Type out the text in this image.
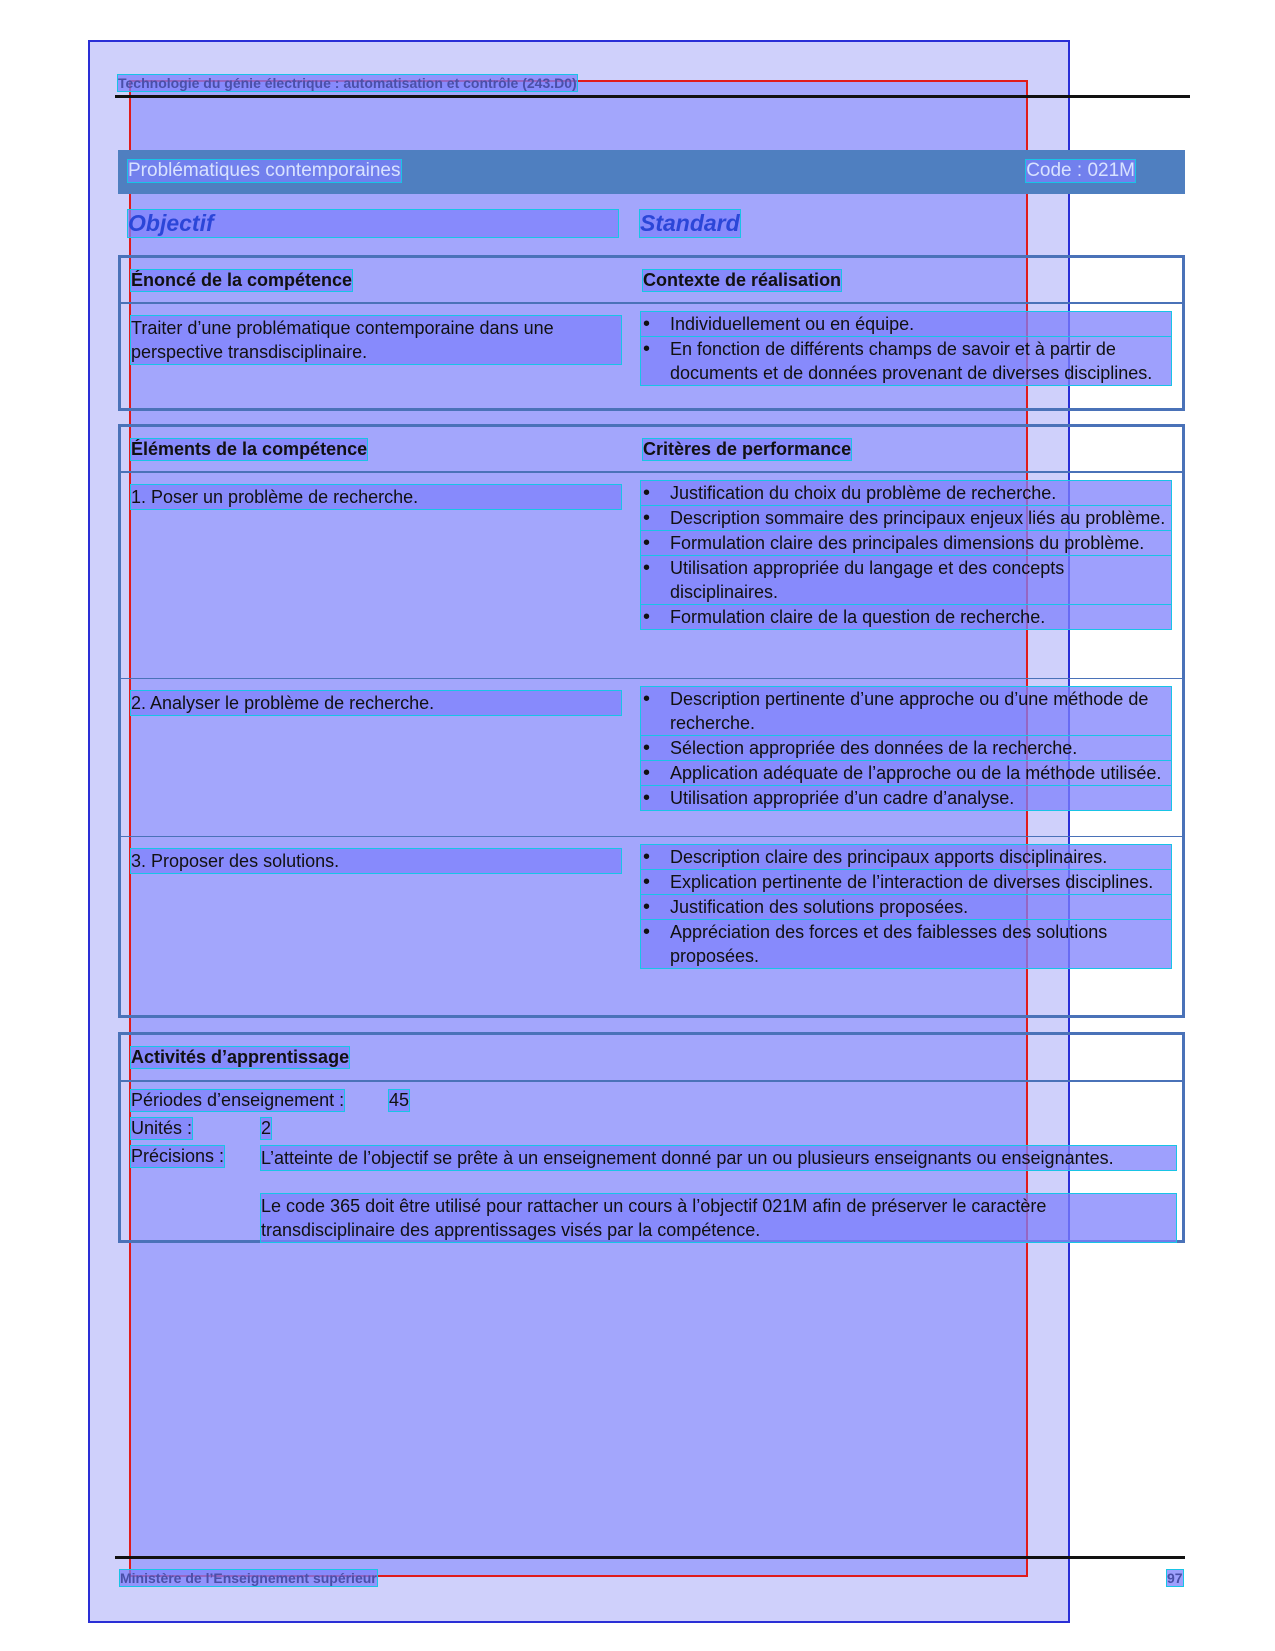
Technologie du génie électrique : automatisation et contrôle (243.D0)
Problématiques contemporaines	Code : 021M
Objectif	Standard
Énoncé de la compétence	Contexte de réalisation
Traiter d’une problématique contemporaine dans une perspective transdisciplinaire.
• Individuellement ou en équipe.
• En fonction de différents champs de savoir et à partir de documents et de données provenant de diverses disciplines.
Éléments de la compétence	Critères de performance
1. Poser un problème de recherche.	• Justification du choix du problème de recherche.
• Description sommaire des principaux enjeux liés au problème.
• Formulation claire des principales dimensions du problème.
• Utilisation appropriée du langage et des concepts disciplinaires.
• Formulation claire de la question de recherche.
2. Analyser le problème de recherche.	• Description pertinente d’une approche ou d’une méthode de recherche.
• Sélection appropriée des données de la recherche.
• Application adéquate de l’approche ou de la méthode utilisée.
• Utilisation appropriée d’un cadre d’analyse.
3. Proposer des solutions.	• Description claire des principaux apports disciplinaires.
• Explication pertinente de l’interaction de diverses disciplines.
• Justification des solutions proposées.
• Appréciation des forces et des faiblesses des solutions proposées.
Activités d’apprentissage
Périodes d’enseignement : 45
Unités :	2
Précisions : L’atteinte de l’objectif se prête à un enseignement donné par un ou plusieurs enseignants ou enseignantes.
Le code 365 doit être utilisé pour rattacher un cours à l’objectif 021M afin de préserver le caractère transdisciplinaire des apprentissages visés par la compétence.
Ministère de l’Enseignement supérieur	97
